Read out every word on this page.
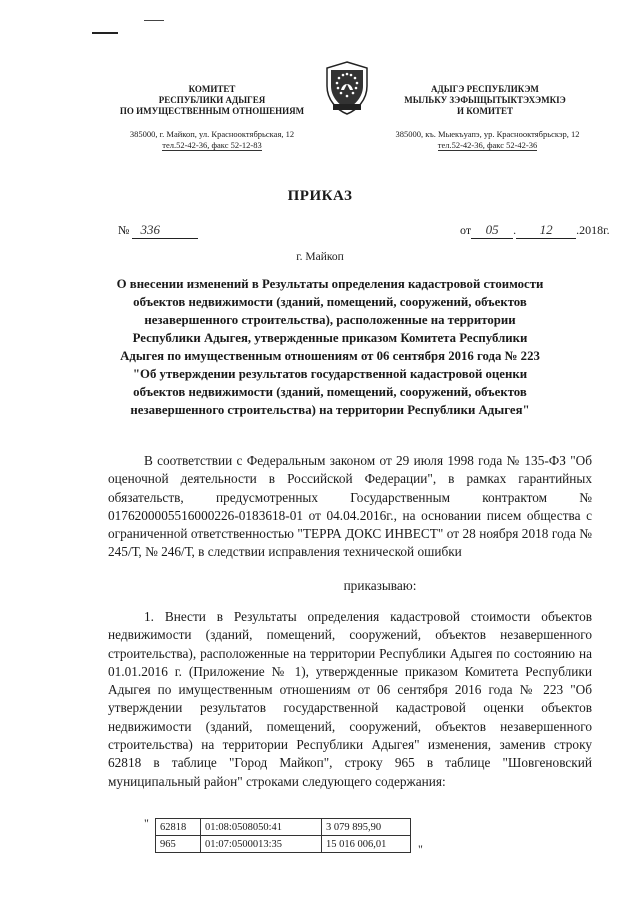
КОМИТЕТ
РЕСПУБЛИКИ АДЫГЕЯ
ПО ИМУЩЕСТВЕННЫМ ОТНОШЕНИЯМ
АДЫГЭ РЕСПУБЛИКЭМ
МЫЛЬКУ ЗЭФЫЩЫТЫКТЭХЭМКІЭ
И КОМИТЕТ
385000, г. Майкоп, ул. Краснооктябрьская, 12
тел.52-42-36, факс 52-12-83
385000, къ. Мыекъуапэ, ур. Краснооктябрьскэр, 12
тел.52-42-36, факс 52-42-36
ПРИКАЗ
№ 336	от 05 . 12 .2018г.
г. Майкоп
О внесении изменений в Результаты определения кадастровой стоимости объектов недвижимости (зданий, помещений, сооружений, объектов незавершенного строительства), расположенные на территории Республики Адыгея, утвержденные приказом Комитета Республики Адыгея по имущественным отношениям от 06 сентября 2016 года № 223 "Об утверждении результатов государственной кадастровой оценки объектов недвижимости (зданий, помещений, сооружений, объектов незавершенного строительства) на территории Республики Адыгея"
В соответствии с Федеральным законом от 29 июля 1998 года № 135-ФЗ "Об оценочной деятельности в Российской Федерации", в рамках гарантийных обязательств, предусмотренных Государственным контрактом № 0176200005516000226-0183618-01 от 04.04.2016г., на основании писем общества с ограниченной ответственностью "ТЕРРА ДОКС ИНВЕСТ" от 28 ноября 2018 года № 245/Т, № 246/Т, в следствии исправления технической ошибки
приказываю:
1. Внести в Результаты определения кадастровой стоимости объектов недвижимости (зданий, помещений, сооружений, объектов незавершенного строительства), расположенные на территории Республики Адыгея по состоянию на 01.01.2016 г. (Приложение № 1), утвержденные приказом Комитета Республики Адыгея по имущественным отношениям от 06 сентября 2016 года № 223 "Об утверждении результатов государственной кадастровой оценки объектов недвижимости (зданий, помещений, сооружений, объектов незавершенного строительства) на территории Республики Адыгея" изменения, заменив строку 62818 в таблице "Город Майкоп", строку 965 в таблице "Шовгеновский муниципальный район" строками следующего содержания:
" 62818	01:08:0508050:41	3 079 895,90
965	01:07:0500013:35	15 016 006,01	"
